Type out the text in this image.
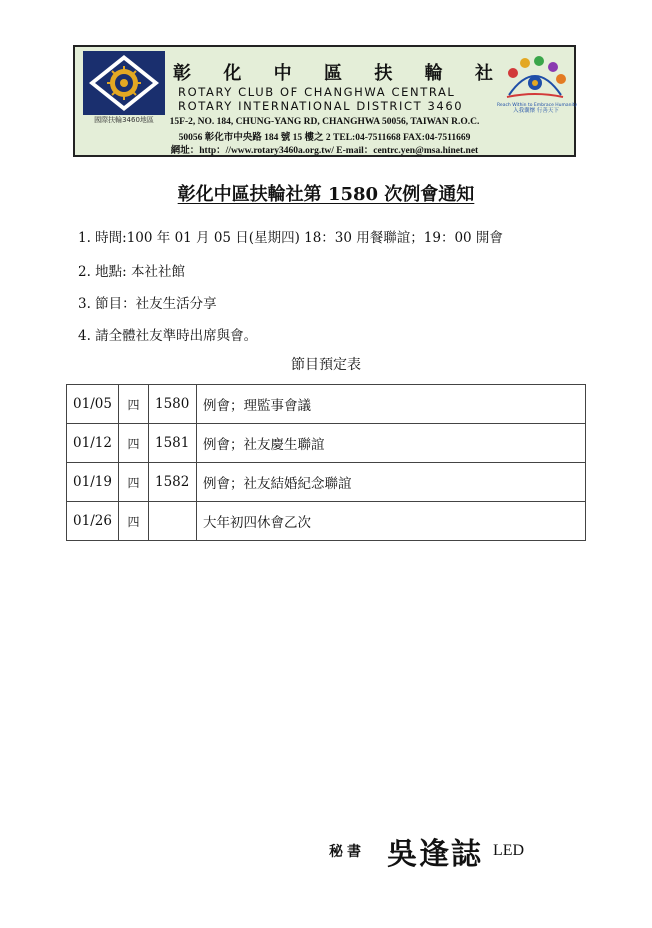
國際扶輪3460地區
彰 化 中 區 扶 輪 社
ROTARY CLUB OF CHANGHWA CENTRAL
ROTARY INTERNATIONAL DISTRICT 3460
15F-2, NO. 184, CHUNG-YANG RD, CHANGHWA 50056, TAIWAN R.O.C.
50056 彰化市中央路 184 號 15 樓之 2 TEL:04-7511668 FAX:04-7511669
網址：http：//www.rotary3460a.org.tw/ E-mail：centrc.yen@msa.hinet.net
Reach Within to Embrace Humanity
入我囊懷 行善天下
彰化中區扶輪社第 1580 次例會通知
1. 時間:100 年 01 月 05 日(星期四) 18：30 用餐聯誼；19：00 開會
2. 地點: 本社社館
3. 節目：社友生活分享
4. 請全體社友準時出席與會。
節目預定表
01/05	四	1580	例會；理監事會議
01/12	四	1581	例會；社友慶生聯誼
01/19	四	1582	例會；社友結婚紀念聯誼
01/26	四		大年初四休會乙次
秘書 吳逢誌 LED
